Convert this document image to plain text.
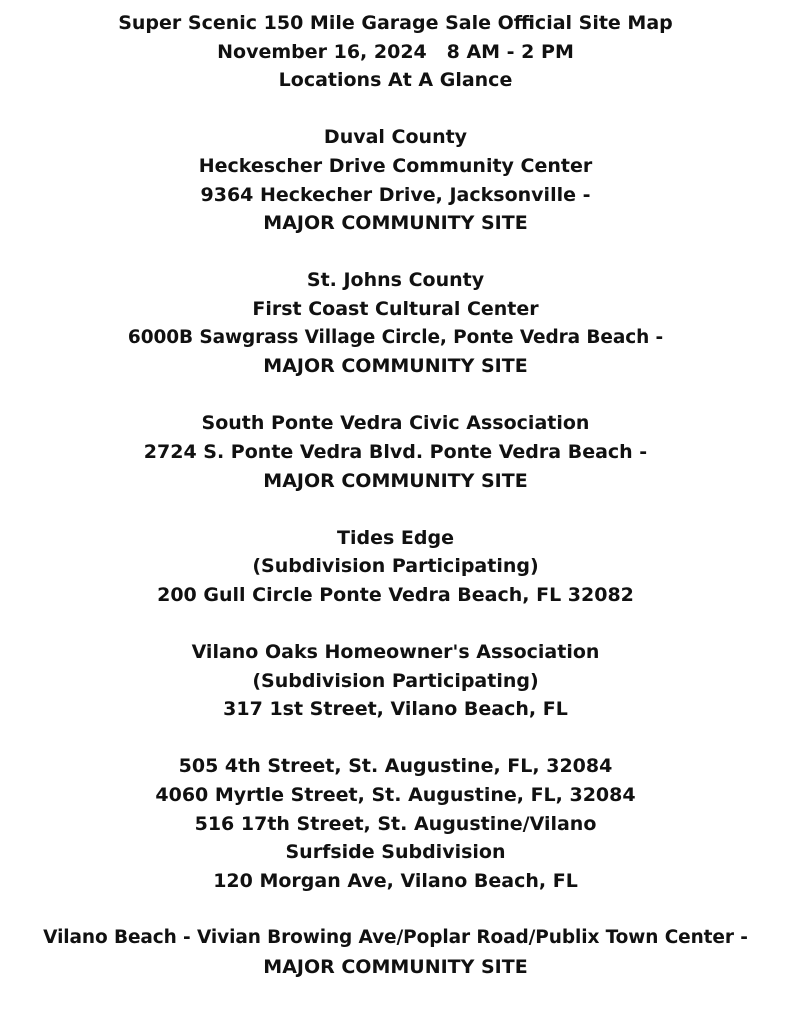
Super Scenic 150 Mile Garage Sale Official Site Map
November 16, 2024   8 AM - 2 PM
Locations At A Glance
Duval County
Heckescher Drive Community Center
9364 Heckecher Drive, Jacksonville -
MAJOR COMMUNITY SITE
St. Johns County
First Coast Cultural Center
6000B Sawgrass Village Circle, Ponte Vedra Beach -
MAJOR COMMUNITY SITE
South Ponte Vedra Civic Association
2724 S. Ponte Vedra Blvd. Ponte Vedra Beach -
MAJOR COMMUNITY SITE
Tides Edge
(Subdivision Participating)
200 Gull Circle Ponte Vedra Beach, FL 32082
Vilano Oaks Homeowner's Association
(Subdivision Participating)
317 1st Street, Vilano Beach, FL
505 4th Street, St. Augustine, FL, 32084
4060 Myrtle Street, St. Augustine, FL, 32084
516 17th Street, St. Augustine/Vilano
Surfside Subdivision
120 Morgan Ave, Vilano Beach, FL
Vilano Beach - Vivian Browing Ave/Poplar Road/Publix Town Center -
MAJOR COMMUNITY SITE
